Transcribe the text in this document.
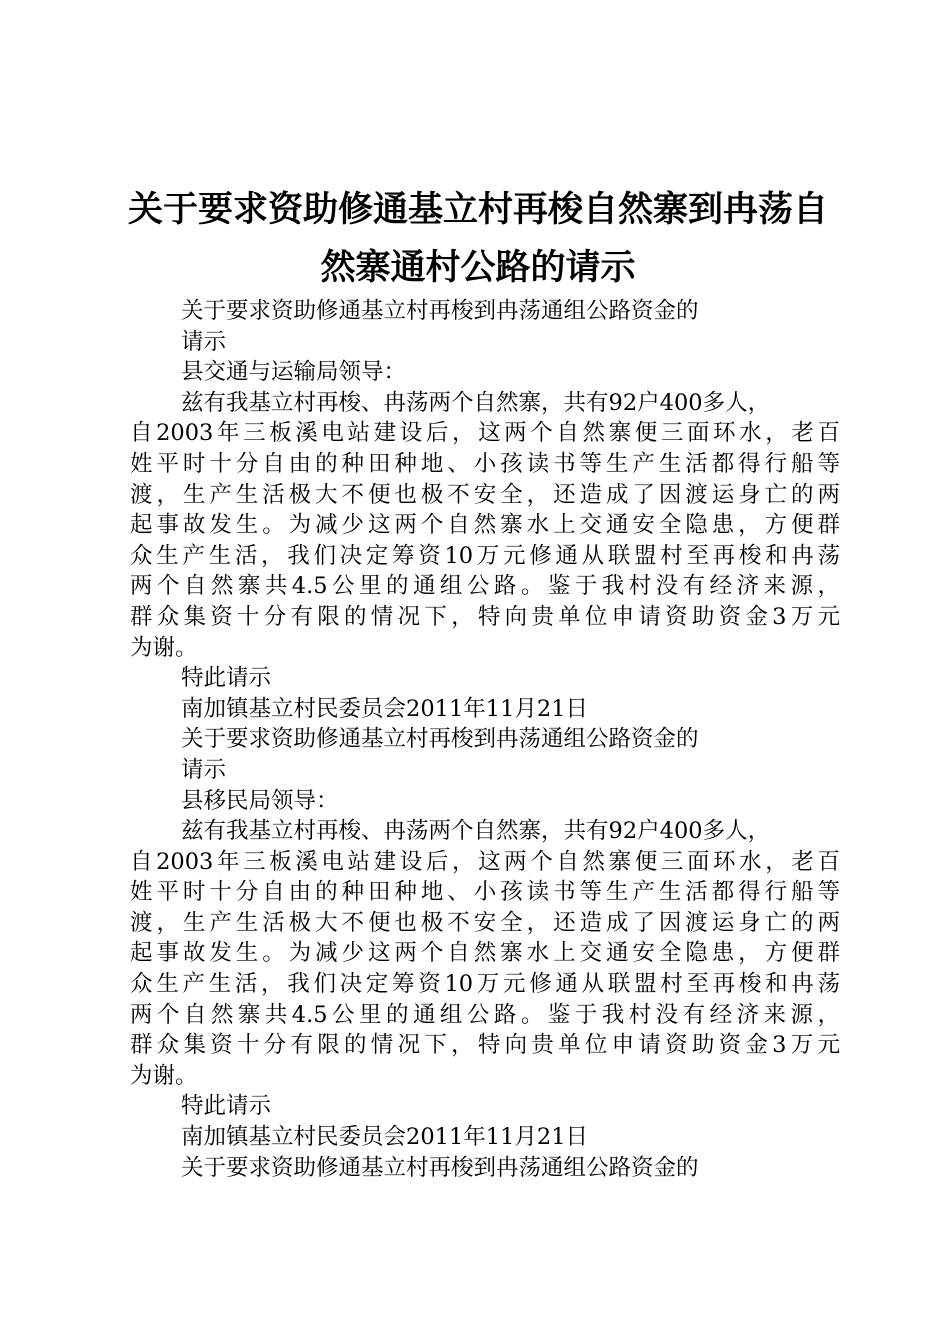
关于要求资助修通基立村再梭自然寨到冉荡自
然寨通村公路的请示
关于要求资助修通基立村再梭到冉荡通组公路资金的
请示
县交通与运输局领导：
兹有我基立村再梭、冉荡两个自然寨，共有92户400多人，
自2003年三板溪电站建设后，这两个自然寨便三面环水，老百
姓平时十分自由的种田种地、小孩读书等生产生活都得行船等
渡，生产生活极大不便也极不安全，还造成了因渡运身亡的两
起事故发生。为减少这两个自然寨水上交通安全隐患，方便群
众生产生活，我们决定筹资10万元修通从联盟村至再梭和冉荡
两个自然寨共4.5公里的通组公路。鉴于我村没有经济来源，
群众集资十分有限的情况下，特向贵单位申请资助资金3万元
为谢。
特此请示
南加镇基立村民委员会2011年11月21日
关于要求资助修通基立村再梭到冉荡通组公路资金的
请示
县移民局领导：
兹有我基立村再梭、冉荡两个自然寨，共有92户400多人，
自2003年三板溪电站建设后，这两个自然寨便三面环水，老百
姓平时十分自由的种田种地、小孩读书等生产生活都得行船等
渡，生产生活极大不便也极不安全，还造成了因渡运身亡的两
起事故发生。为减少这两个自然寨水上交通安全隐患，方便群
众生产生活，我们决定筹资10万元修通从联盟村至再梭和冉荡
两个自然寨共4.5公里的通组公路。鉴于我村没有经济来源，
群众集资十分有限的情况下，特向贵单位申请资助资金3万元
为谢。
特此请示
南加镇基立村民委员会2011年11月21日
关于要求资助修通基立村再梭到冉荡通组公路资金的
